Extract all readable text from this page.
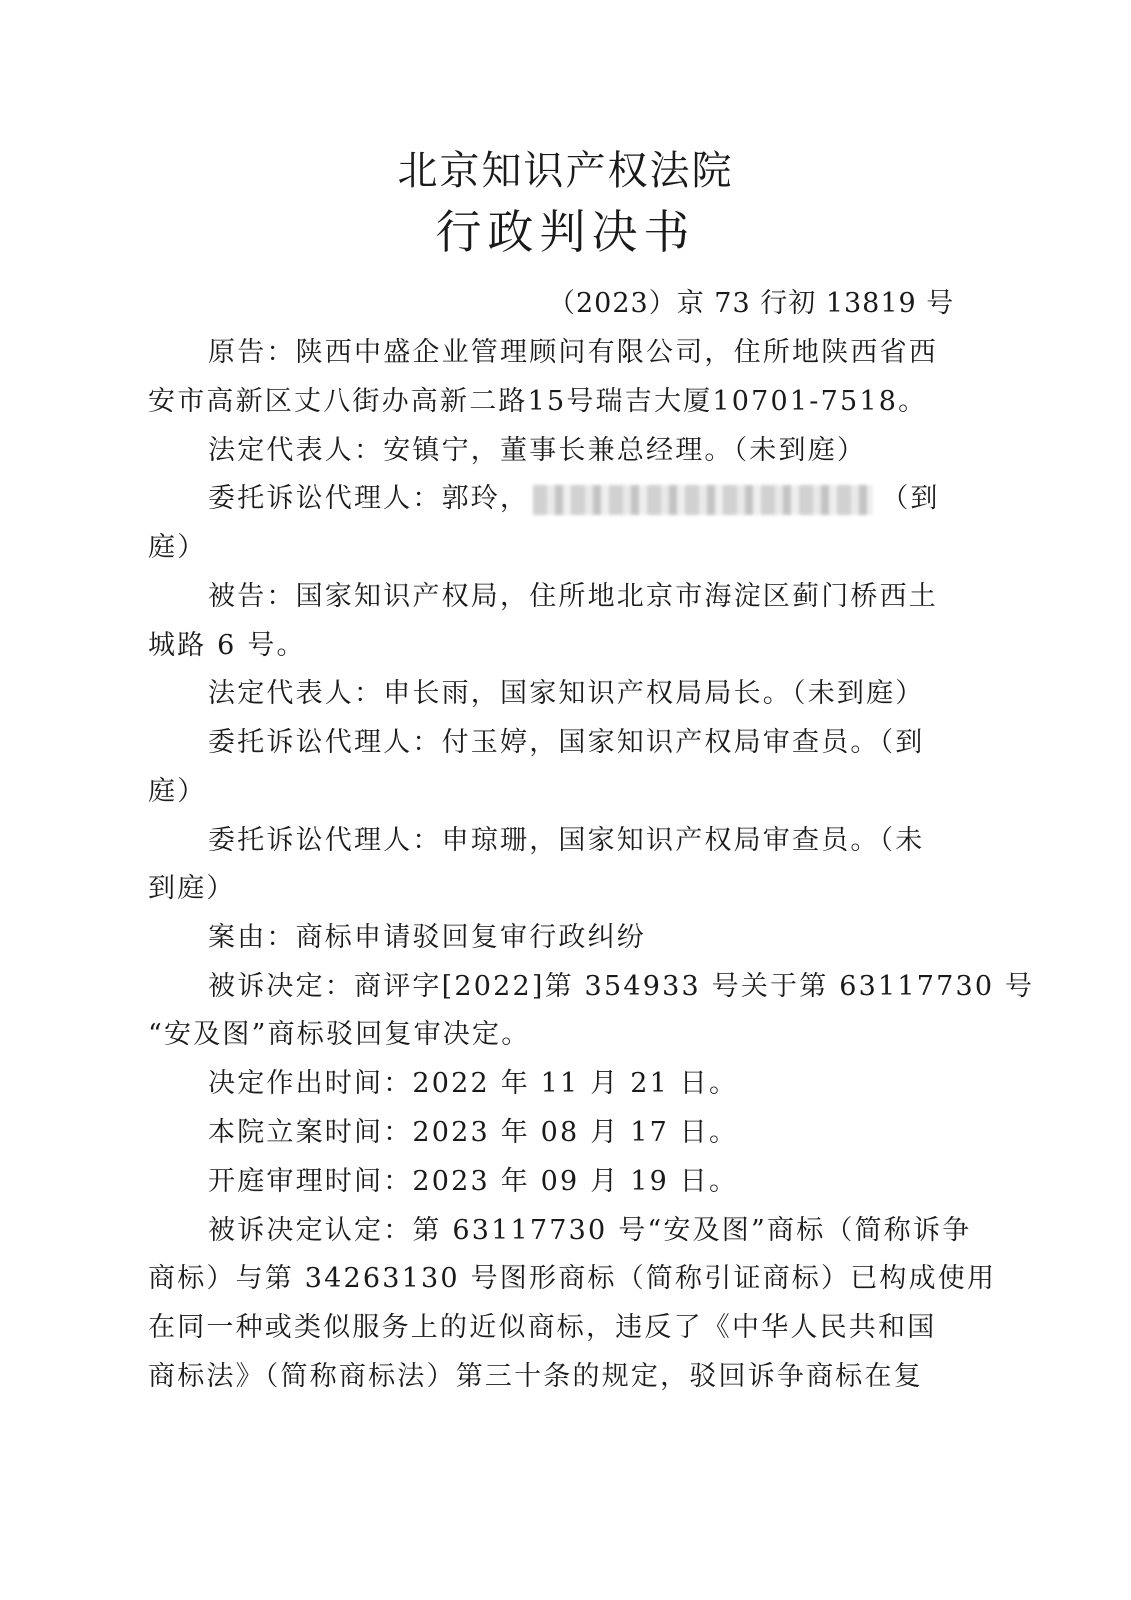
北京知识产权法院
行政判决书
（2023）京 73 行初 13819 号
原告：陕西中盛企业管理顾问有限公司，住所地陕西省西
安市高新区丈八街办高新二路15号瑞吉大厦10701-7518。
法定代表人：安镇宁，董事长兼总经理。（未到庭）
委托诉讼代理人：郭玲，	（到
庭）
被告：国家知识产权局，住所地北京市海淀区蓟门桥西土
城路 6 号。
法定代表人：申长雨，国家知识产权局局长。（未到庭）
委托诉讼代理人：付玉婷，国家知识产权局审查员。（到
庭）
委托诉讼代理人：申琼珊，国家知识产权局审查员。（未
到庭）
案由：商标申请驳回复审行政纠纷
被诉决定：商评字[2022]第 354933 号关于第 63117730 号
“安及图”商标驳回复审决定。
决定作出时间：2022 年 11 月 21 日。
本院立案时间：2023 年 08 月 17 日。
开庭审理时间：2023 年 09 月 19 日。
被诉决定认定：第 63117730 号“安及图”商标（简称诉争
商标）与第 34263130 号图形商标（简称引证商标）已构成使用
在同一种或类似服务上的近似商标，违反了《中华人民共和国
商标法》（简称商标法）第三十条的规定，驳回诉争商标在复
